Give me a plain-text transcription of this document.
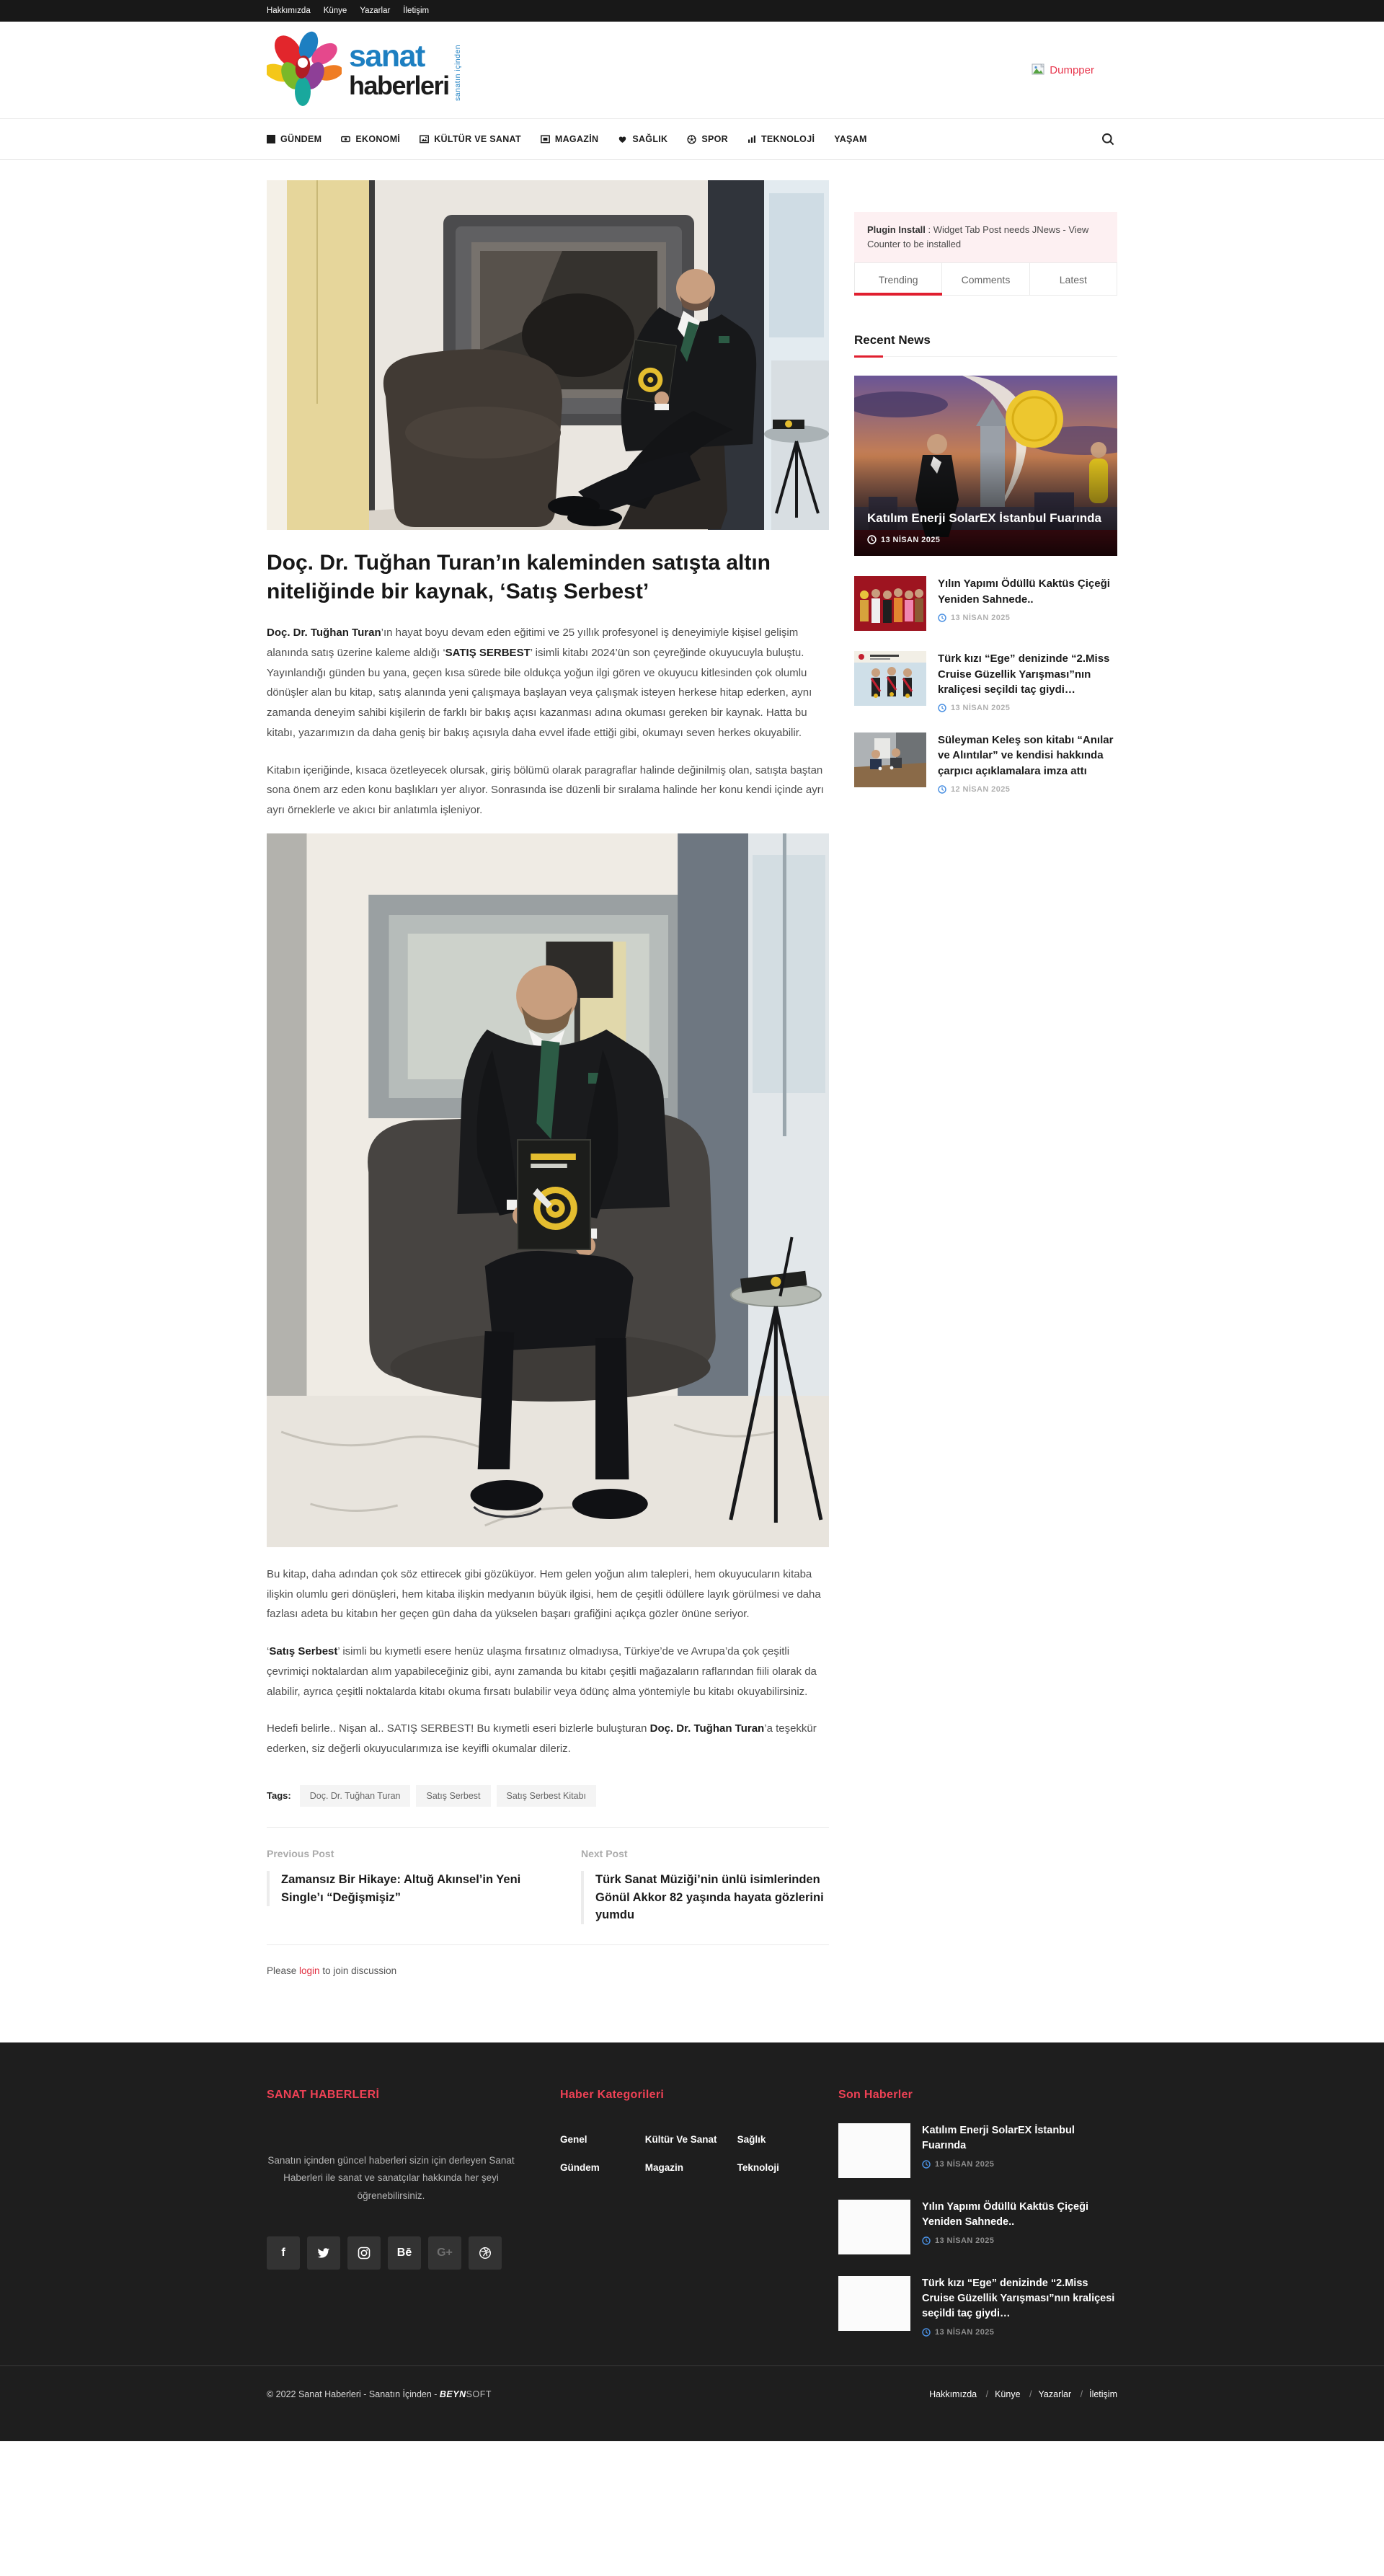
Hakkımızda Künye Yazarlar İletişim
sanat
haberleri sanatın içinden	Dumpper
GÜNDEM	EKONOMİ	KÜLTÜR VE SANAT	MAGAZİN	SAĞLIK	SPOR	TEKNOLOJİ YAŞAM
Doç. Dr. Tuğhan Turan’ın kaleminden satışta altın niteliğinde bir kaynak, ‘Satış Serbest’

Doç. Dr. Tuğhan Turan’ın hayat boyu devam eden eğitimi ve 25 yıllık profesyonel iş deneyimiyle kişisel gelişim alanında satış üzerine kaleme aldığı ‘SATIŞ SERBEST’ isimli kitabı 2024’ün son çeyreğinde okuyucuyla buluştu. Yayınlandığı günden bu yana, geçen kısa sürede bile oldukça yoğun ilgi gören ve okuyucu kitlesinden çok olumlu dönüşler alan bu kitap, satış alanında yeni çalışmaya başlayan veya çalışmak isteyen herkese hitap ederken, aynı zamanda deneyim sahibi kişilerin de farklı bir bakış açısı kazanması adına okuması gereken bir kaynak. Hatta bu kitabı, yazarımızın da daha geniş bir bakış açısıyla daha evvel ifade ettiği gibi, okumayı seven herkes okuyabilir.

Kitabın içeriğinde, kısaca özetleyecek olursak, giriş bölümü olarak paragraflar halinde değinilmiş olan, satışta baştan sona önem arz eden konu başlıkları yer alıyor. Sonrasında ise düzenli bir sıralama halinde her konu kendi içinde ayrı ayrı örneklerle ve akıcı bir anlatımla işleniyor.

Bu kitap, daha adından çok söz ettirecek gibi gözüküyor. Hem gelen yoğun alım talepleri, hem okuyucuların kitaba ilişkin olumlu geri dönüşleri, hem kitaba ilişkin medyanın büyük ilgisi, hem de çeşitli ödüllere layık görülmesi ve daha fazlası adeta bu kitabın her geçen gün daha da yükselen başarı grafiğini açıkça gözler önüne seriyor.

‘Satış Serbest’ isimli bu kıymetli esere henüz ulaşma fırsatınız olmadıysa, Türkiye’de ve Avrupa’da çok çeşitli çevrimiçi noktalardan alım yapabileceğiniz gibi, aynı zamanda bu kitabı çeşitli mağazaların raflarından fiili olarak da alabilir, ayrıca çeşitli noktalarda kitabı okuma fırsatı bulabilir veya ödünç alma yöntemiyle bu kitabı okuyabilirsiniz.

Hedefi belirle.. Nişan al.. SATIŞ SERBEST! Bu kıymetli eseri bizlerle buluşturan Doç. Dr. Tuğhan Turan’a teşekkür ederken, siz değerli okuyucularımıza ise keyifli okumalar dileriz.

Tags:	Doç. Dr. Tuğhan Turan	Satış Serbest	Satış Serbest Kitabı
Previous Post
Zamansız Bir Hikaye: Altuğ Akınsel’in Yeni Single’ı “Değişmişiz”
Next Post
Türk Sanat Müziği’nin ünlü isimlerinden Gönül Akkor 82 yaşında hayata gözlerini yumdu
Please login to join discussion
Plugin Install : Widget Tab Post needs JNews - View Counter to be installed
Trending	Comments	Latest
Recent News
Katılım Enerji SolarEX İstanbul Fuarında
13 NİSAN 2025
Yılın Yapımı Ödüllü Kaktüs Çiçeği Yeniden Sahnede..
13 NİSAN 2025
Türk kızı “Ege” denizinde “2.Miss Cruise Güzellik Yarışması”nın kraliçesi seçildi taç giydi…
13 NİSAN 2025
Süleyman Keleş son kitabı “Anılar ve Alıntılar” ve kendisi hakkında çarpıcı açıklamalara imza attı
12 NİSAN 2025
SANAT HABERLERİ
Sanatın içinden güncel haberleri sizin için derleyen Sanat Haberleri ile sanat ve sanatçılar hakkında her şeyi öğrenebilirsiniz.
f	Bē	G+
Haber Kategorileri
Genel
Gündem
Kültür Ve Sanat
Magazin
Sağlık
Teknoloji
Son Haberler
Katılım Enerji SolarEX İstanbul Fuarında
13 NİSAN 2025
Yılın Yapımı Ödüllü Kaktüs Çiçeği Yeniden Sahnede..
13 NİSAN 2025
Türk kızı “Ege” denizinde “2.Miss Cruise Güzellik Yarışması”nın kraliçesi seçildi taç giydi…
13 NİSAN 2025
© 2022 Sanat Haberleri - Sanatın İçinden - BEYNSOFT	Hakkımızda / Künye / Yazarlar / İletişim
